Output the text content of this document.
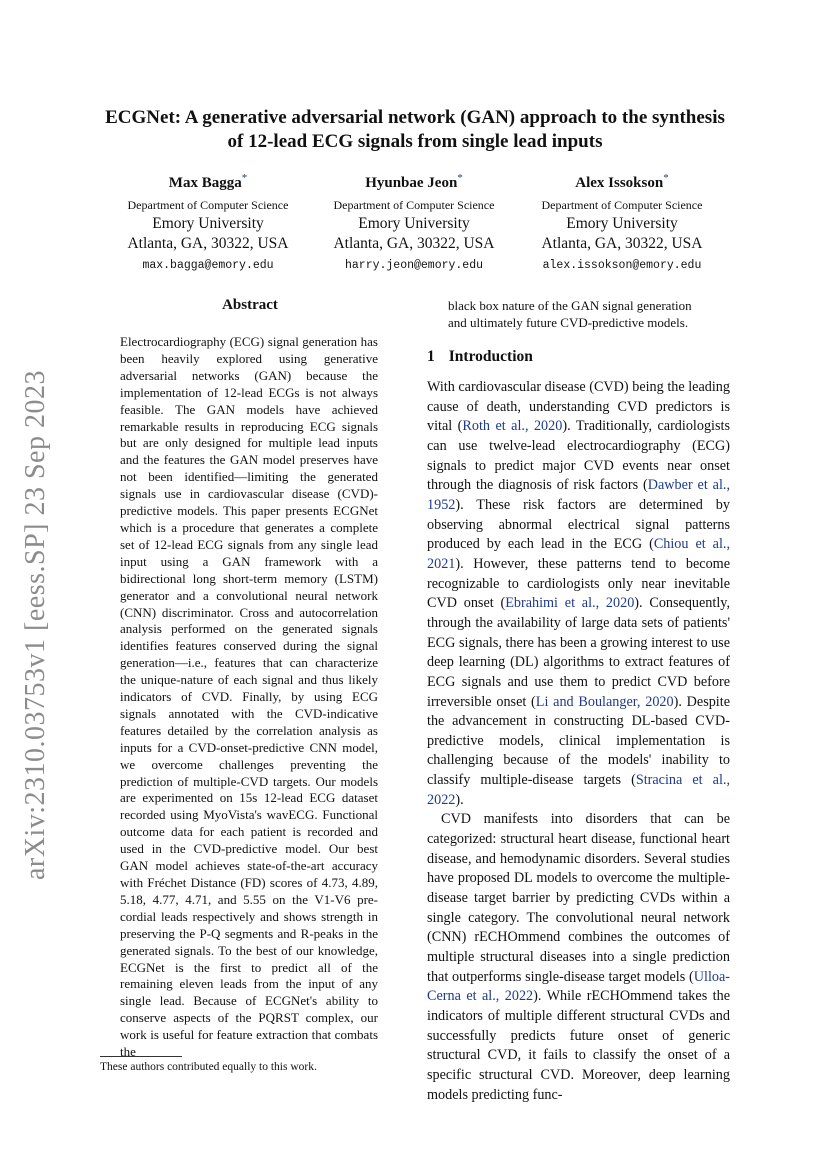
arXiv:2310.03753v1 [eess.SP] 23 Sep 2023
ECGNet: A generative adversarial network (GAN) approach to the synthesis of 12-lead ECG signals from single lead inputs
Max Bagga*
Department of Computer Science
Emory University
Atlanta, GA, 30322, USA
max.bagga@emory.edu
Hyunbae Jeon*
Department of Computer Science
Emory University
Atlanta, GA, 30322, USA
harry.jeon@emory.edu
Alex Issokson*
Department of Computer Science
Emory University
Atlanta, GA, 30322, USA
alex.issokson@emory.edu
Abstract
Electrocardiography (ECG) signal generation has been heavily explored using generative adversarial networks (GAN) because the implementation of 12-lead ECGs is not always feasible. The GAN models have achieved remarkable results in reproducing ECG signals but are only designed for multiple lead inputs and the features the GAN model preserves have not been identified—limiting the generated signals use in cardiovascular disease (CVD)-predictive models. This paper presents ECGNet which is a procedure that generates a complete set of 12-lead ECG signals from any single lead input using a GAN framework with a bidirectional long short-term memory (LSTM) generator and a convolutional neural network (CNN) discriminator. Cross and autocorrelation analysis performed on the generated signals identifies features conserved during the signal generation—i.e., features that can characterize the unique-nature of each signal and thus likely indicators of CVD. Finally, by using ECG signals annotated with the CVD-indicative features detailed by the correlation analysis as inputs for a CVD-onset-predictive CNN model, we overcome challenges preventing the prediction of multiple-CVD targets. Our models are experimented on 15s 12-lead ECG dataset recorded using MyoVista's wavECG. Functional outcome data for each patient is recorded and used in the CVD-predictive model. Our best GAN model achieves state-of-the-art accuracy with Fréchet Distance (FD) scores of 4.73, 4.89, 5.18, 4.77, 4.71, and 5.55 on the V1-V6 pre-cordial leads respectively and shows strength in preserving the P-Q segments and R-peaks in the generated signals. To the best of our knowledge, ECGNet is the first to predict all of the remaining eleven leads from the input of any single lead. Because of ECGNet's ability to conserve aspects of the PQRST complex, our work is useful for feature extraction that combats the
black box nature of the GAN signal generation and ultimately future CVD-predictive models.
1 Introduction

With cardiovascular disease (CVD) being the leading cause of death, understanding CVD predictors is vital (Roth et al., 2020). Traditionally, cardiologists can use twelve-lead electrocardiography (ECG) signals to predict major CVD events near onset through the diagnosis of risk factors (Dawber et al., 1952). These risk factors are determined by observing abnormal electrical signal patterns produced by each lead in the ECG (Chiou et al., 2021). However, these patterns tend to become recognizable to cardiologists only near inevitable CVD onset (Ebrahimi et al., 2020). Consequently, through the availability of large data sets of patients' ECG signals, there has been a growing interest to use deep learning (DL) algorithms to extract features of ECG signals and use them to predict CVD before irreversible onset (Li and Boulanger, 2020). Despite the advancement in constructing DL-based CVD-predictive models, clinical implementation is challenging because of the models' inability to classify multiple-disease targets (Stracina et al., 2022).

CVD manifests into disorders that can be categorized: structural heart disease, functional heart disease, and hemodynamic disorders. Several studies have proposed DL models to overcome the multiple-disease target barrier by predicting CVDs within a single category. The convolutional neural network (CNN) rECHOmmend combines the outcomes of multiple structural diseases into a single prediction that outperforms single-disease target models (Ulloa-Cerna et al., 2022). While rECHOmmend takes the indicators of multiple different structural CVDs and successfully predicts future onset of generic structural CVD, it fails to classify the onset of a specific structural CVD. Moreover, deep learning models predicting func-

These authors contributed equally to this work.
